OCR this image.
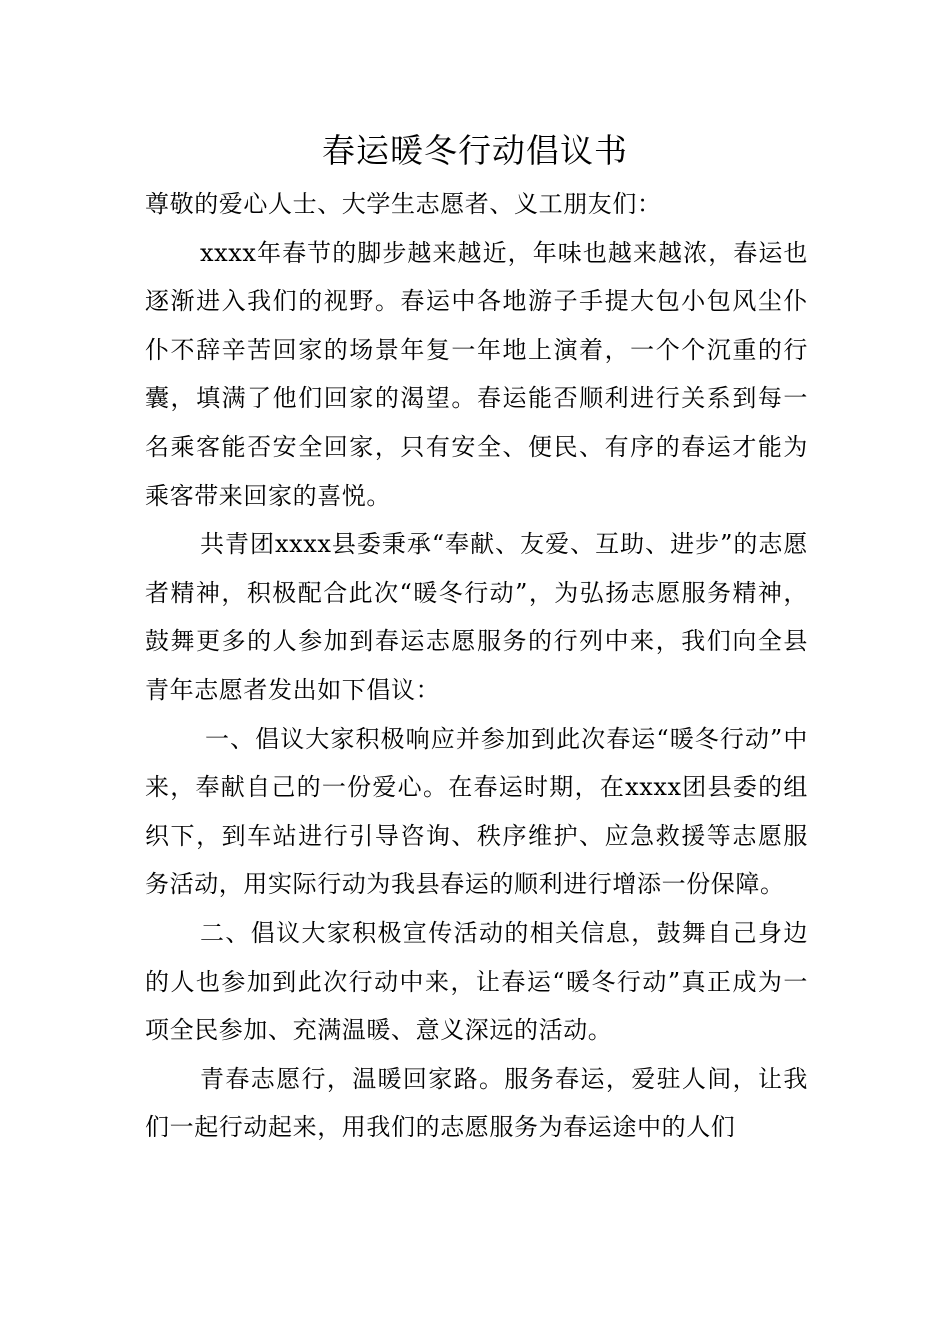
春运暖冬行动倡议书

尊敬的爱心人士、大学生志愿者、义工朋友们：

xxxx年春节的脚步越来越近，年味也越来越浓，春运也逐渐进入我们的视野。春运中各地游子手提大包小包风尘仆仆不辞辛苦回家的场景年复一年地上演着，一个个沉重的行囊，填满了他们回家的渴望。春运能否顺利进行关系到每一名乘客能否安全回家，只有安全、便民、有序的春运才能为乘客带来回家的喜悦。

共青团xxxx县委秉承“奉献、友爱、互助、进步”的志愿者精神，积极配合此次“暖冬行动”，为弘扬志愿服务精神，鼓舞更多的人参加到春运志愿服务的行列中来，我们向全县青年志愿者发出如下倡议：

一、倡议大家积极响应并参加到此次春运“暖冬行动”中来，奉献自己的一份爱心。在春运时期，在xxxx团县委的组织下，到车站进行引导咨询、秩序维护、应急救援等志愿服务活动，用实际行动为我县春运的顺利进行增添一份保障。

二、倡议大家积极宣传活动的相关信息，鼓舞自己身边的人也参加到此次行动中来，让春运“暖冬行动”真正成为一项全民参加、充满温暖、意义深远的活动。

青春志愿行，温暖回家路。服务春运，爱驻人间，让我们一起行动起来，用我们的志愿服务为春运途中的人们
